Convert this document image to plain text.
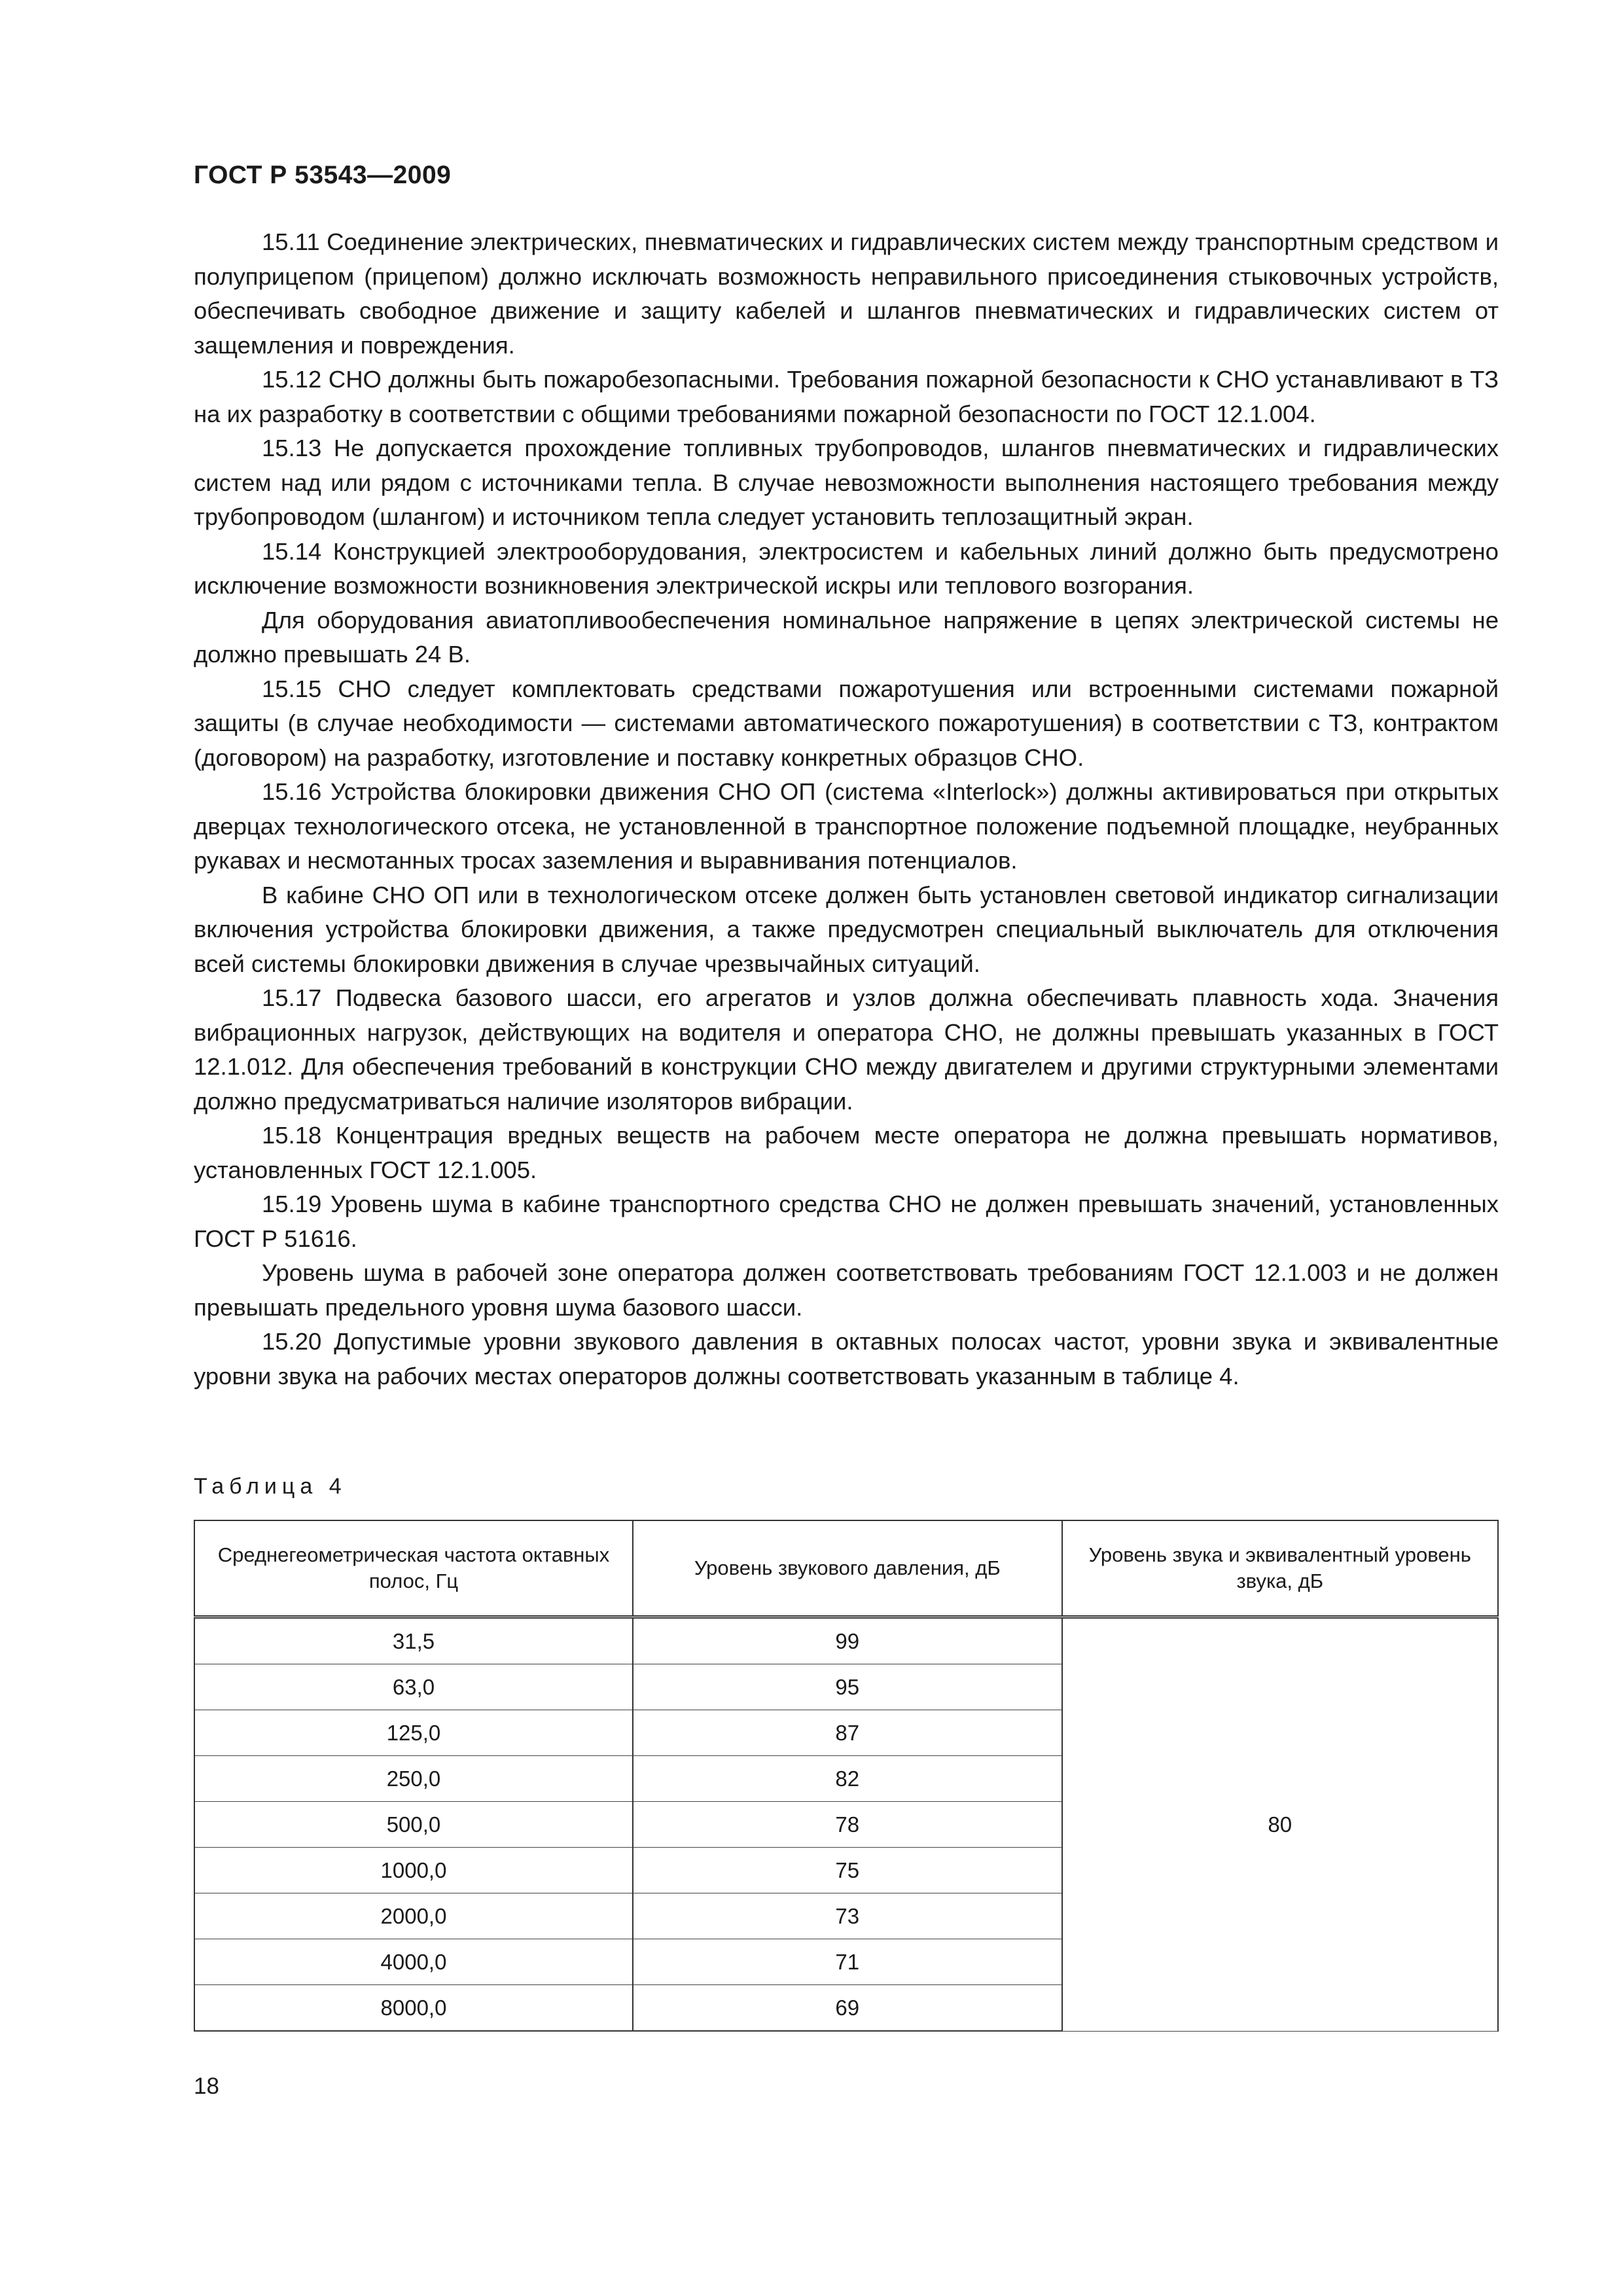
ГОСТ Р 53543—2009

15.11 Соединение электрических, пневматических и гидравлических систем между транспортным средством и полуприцепом (прицепом) должно исключать возможность неправильного присоединения стыковочных устройств, обеспечивать свободное движение и защиту кабелей и шлангов пневматических и гидравлических систем от защемления и повреждения.

15.12 СНО должны быть пожаробезопасными. Требования пожарной безопасности к СНО устанавливают в ТЗ на их разработку в соответствии с общими требованиями пожарной безопасности по ГОСТ 12.1.004.

15.13 Не допускается прохождение топливных трубопроводов, шлангов пневматических и гидравлических систем над или рядом с источниками тепла. В случае невозможности выполнения настоящего требования между трубопроводом (шлангом) и источником тепла следует установить теплозащитный экран.

15.14 Конструкцией электрооборудования, электросистем и кабельных линий должно быть предусмотрено исключение возможности возникновения электрической искры или теплового возгорания.

Для оборудования авиатопливообеспечения номинальное напряжение в цепях электрической системы не должно превышать 24 В.

15.15 СНО следует комплектовать средствами пожаротушения или встроенными системами пожарной защиты (в случае необходимости — системами автоматического пожаротушения) в соответствии с ТЗ, контрактом (договором) на разработку, изготовление и поставку конкретных образцов СНО.

15.16 Устройства блокировки движения СНО ОП (система «Interlock») должны активироваться при открытых дверцах технологического отсека, не установленной в транспортное положение подъемной площадке, неубранных рукавах и несмотанных тросах заземления и выравнивания потенциалов.

В кабине СНО ОП или в технологическом отсеке должен быть установлен световой индикатор сигнализации включения устройства блокировки движения, а также предусмотрен специальный выключатель для отключения всей системы блокировки движения в случае чрезвычайных ситуаций.

15.17 Подвеска базового шасси, его агрегатов и узлов должна обеспечивать плавность хода. Значения вибрационных нагрузок, действующих на водителя и оператора СНО, не должны превышать указанных в ГОСТ 12.1.012. Для обеспечения требований в конструкции СНО между двигателем и другими структурными элементами должно предусматриваться наличие изоляторов вибрации.

15.18 Концентрация вредных веществ на рабочем месте оператора не должна превышать нормативов, установленных ГОСТ 12.1.005.

15.19 Уровень шума в кабине транспортного средства СНО не должен превышать значений, установленных ГОСТ Р 51616.

Уровень шума в рабочей зоне оператора должен соответствовать требованиям ГОСТ 12.1.003 и не должен превышать предельного уровня шума базового шасси.

15.20 Допустимые уровни звукового давления в октавных полосах частот, уровни звука и эквивалентные уровни звука на рабочих местах операторов должны соответствовать указанным в таблице 4.

Таблица 4
Среднегеометрическая частота октавных полос, Гц	Уровень звукового давления, дБ	Уровень звука и эквивалентный уровень звука, дБ
31,5	99	80
63,0	95	
125,0	87	
250,0	82	
500,0	78	
1000,0	75	
2000,0	73	
4000,0	71	
8000,0	69	
18
